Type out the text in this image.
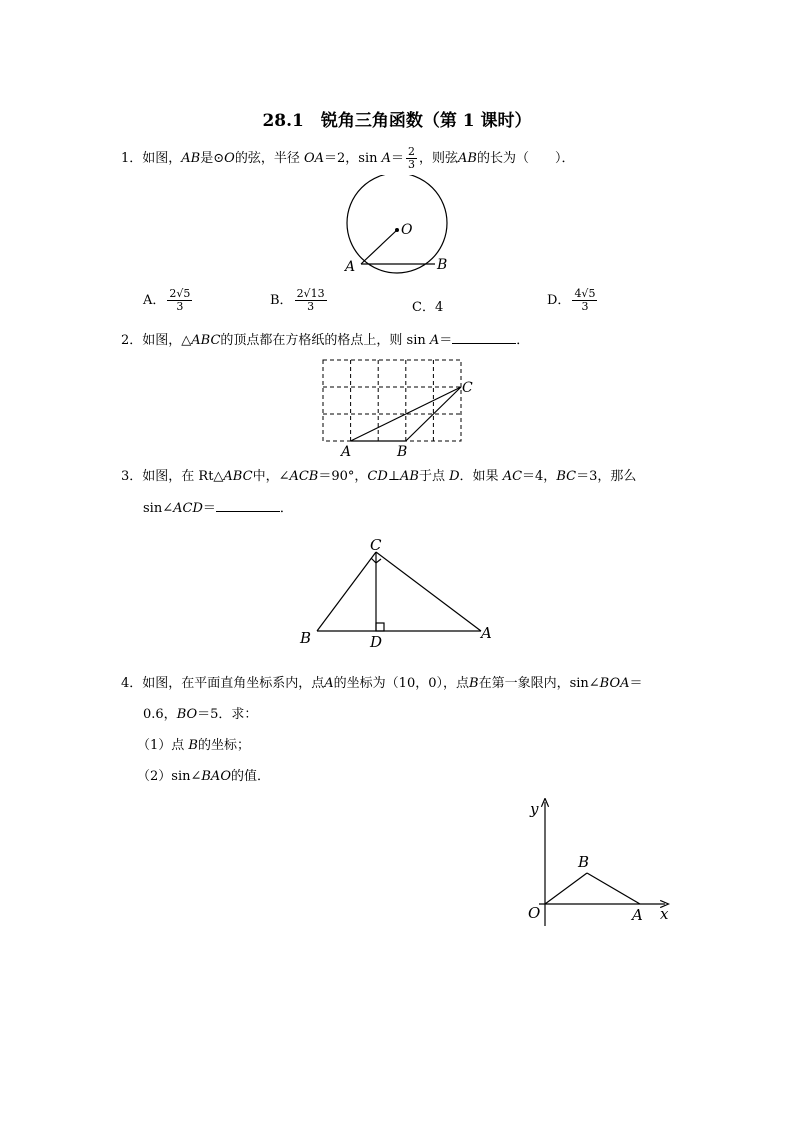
28.1　锐角三角函数（第 1 课时）
1．如图，AB是⊙O的弦，半径 OA＝2，$\sin A= \frac{2}{3}$ ，则弦AB的长为（　　）．
O
A	B
A． $\frac{2√5}{3}$	B． $\frac{2√13}{3}$	C．4	D． $\frac{4√5}{3}$
2．如图，△ABC的顶点都在方格纸的格点上，则 sin A＝	．
A	B
C
3．如图，在 Rt△ABC中，∠ACB＝90°，CD⊥AB于点 D．如果 AC＝4，BC＝3，那么
sin∠ACD＝	．
C
B	D	A
4．如图，在平面直角坐标系内，点A的坐标为（10，0），点B在第一象限内，sin∠BOA＝
0.6，BO＝5．求：
（1）点 B的坐标；
（2）sin∠BAO的值．
y
x
O	A
B
